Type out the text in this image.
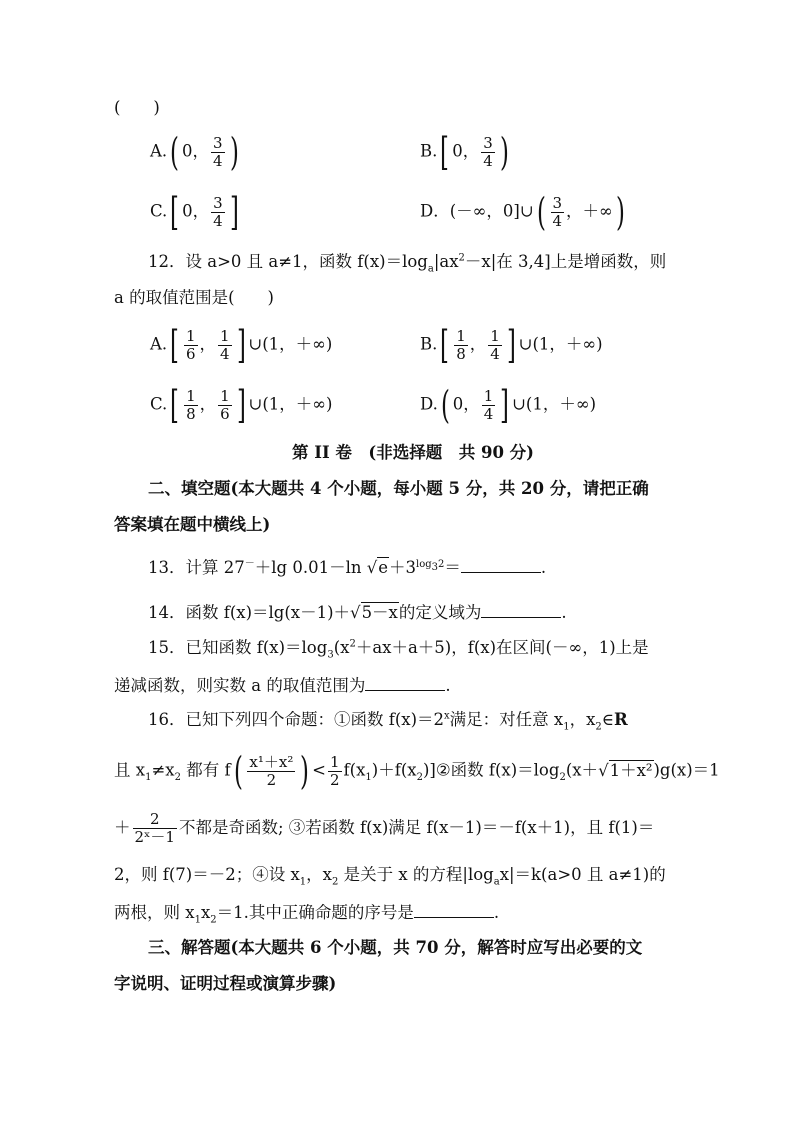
(　　)
A.( 0， $\frac{3}{4}$ )	B.[ 0， $\frac{3}{4}$ )
C.[ 0， $\frac{3}{4}$ ]	D．(－∞，0]∪( $\frac{3}{4}$ ，＋∞)
12．设 a>0 且 a≠1，函数 $f(x)=\log_a|ax^2-x|$在 3,4]上是增函数，则
a 的取值范围是(　　)
$A.[ \frac{1}{6}$ ， $\frac{1}{4}$ ] ∪(1，＋∞)	$B.[ \frac{1}{8}$ ， $\frac{1}{4}$ ] ∪(1，＋∞)
$C.[ \frac{1}{8}$ ， $\frac{1}{6}$ ] ∪(1，＋∞)	D.( 0， $\frac{1}{4}$ ] ∪(1，＋∞)
第 II 卷　(非选择题　共 90 分)
二、填空题(本大题共 4 个小题，每小题 5 分，共 20 分，请把正确
答案填在题中横线上)
13．计算 27－＋lg 0.01－ln $√e+3^{log_32}=$	.
14．函数 f(x)＝lg(x－1)＋√5－x的定义域为	.
15．已知函数 $f(x)=\log_3(x^2+ax+a+5)$，f(x)在区间(－∞，1)上是
递减函数，则实数 a 的取值范围为	.
16．已知下列四个命题：①函数 $f(x)=2^x$满足：对任意 $x_1$，$x_2\in R$
且 $x_1\ne x_2$ 都有 $f( \frac{\text{x¹＋x²}}{2}$ ) < $\frac{1}{2}$ $f(x_1)+f(x_2)]②$函数 $f(x)=\log_2(x+√1+x^2)g(x)=1$
＋ $\frac{2}{\text{2ˣ－1}}$ 不都是奇函数; ③若函数 f(x)满足 f(x－1)＝－f(x＋1)，且 f(1)＝
2，则 f(7)＝－2；④设 $x_1$，$x_2$ 是关于 x 的方程$|\log_ax|=k(a>0$ 且 a≠1)的
两根，则 $x_1x_2=1$.其中正确命题的序号是	.
三、解答题(本大题共 6 个小题，共 70 分，解答时应写出必要的文
字说明、证明过程或演算步骤)
